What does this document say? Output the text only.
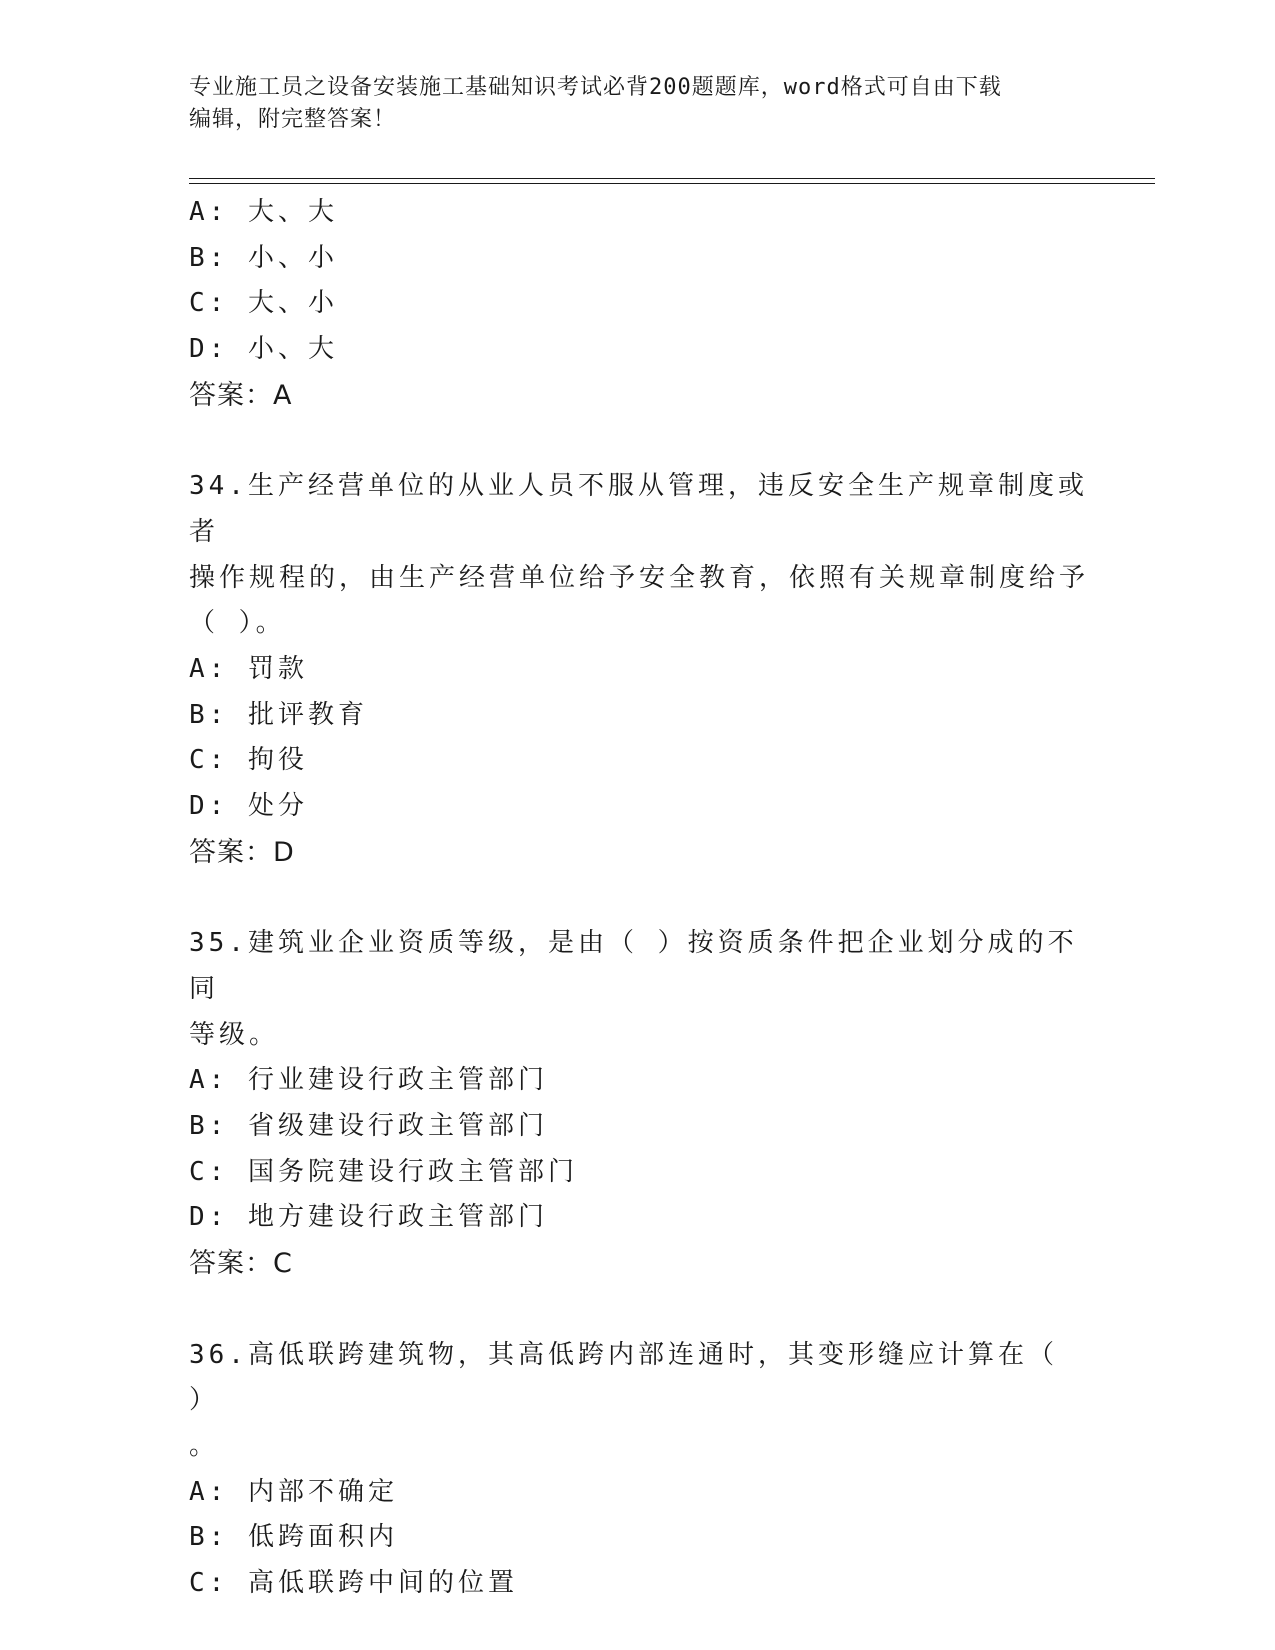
专业施工员之设备安装施工基础知识考试必背200题题库，word格式可自由下载
编辑，附完整答案！
A: 大、大
B: 小、小
C: 大、小
D: 小、大
答案：A
34.生产经营单位的从业人员不服从管理，违反安全生产规章制度或者
操作规程的，由生产经营单位给予安全教育，依照有关规章制度给予
（ ）。
A: 罚款
B: 批评教育
C: 拘役
D: 处分
答案：D
35.建筑业企业资质等级，是由（ ）按资质条件把企业划分成的不同
等级。
A: 行业建设行政主管部门
B: 省级建设行政主管部门
C: 国务院建设行政主管部门
D: 地方建设行政主管部门
答案：C
36.高低联跨建筑物，其高低跨内部连通时，其变形缝应计算在（ ）
。
A: 内部不确定
B: 低跨面积内
C: 高低联跨中间的位置
